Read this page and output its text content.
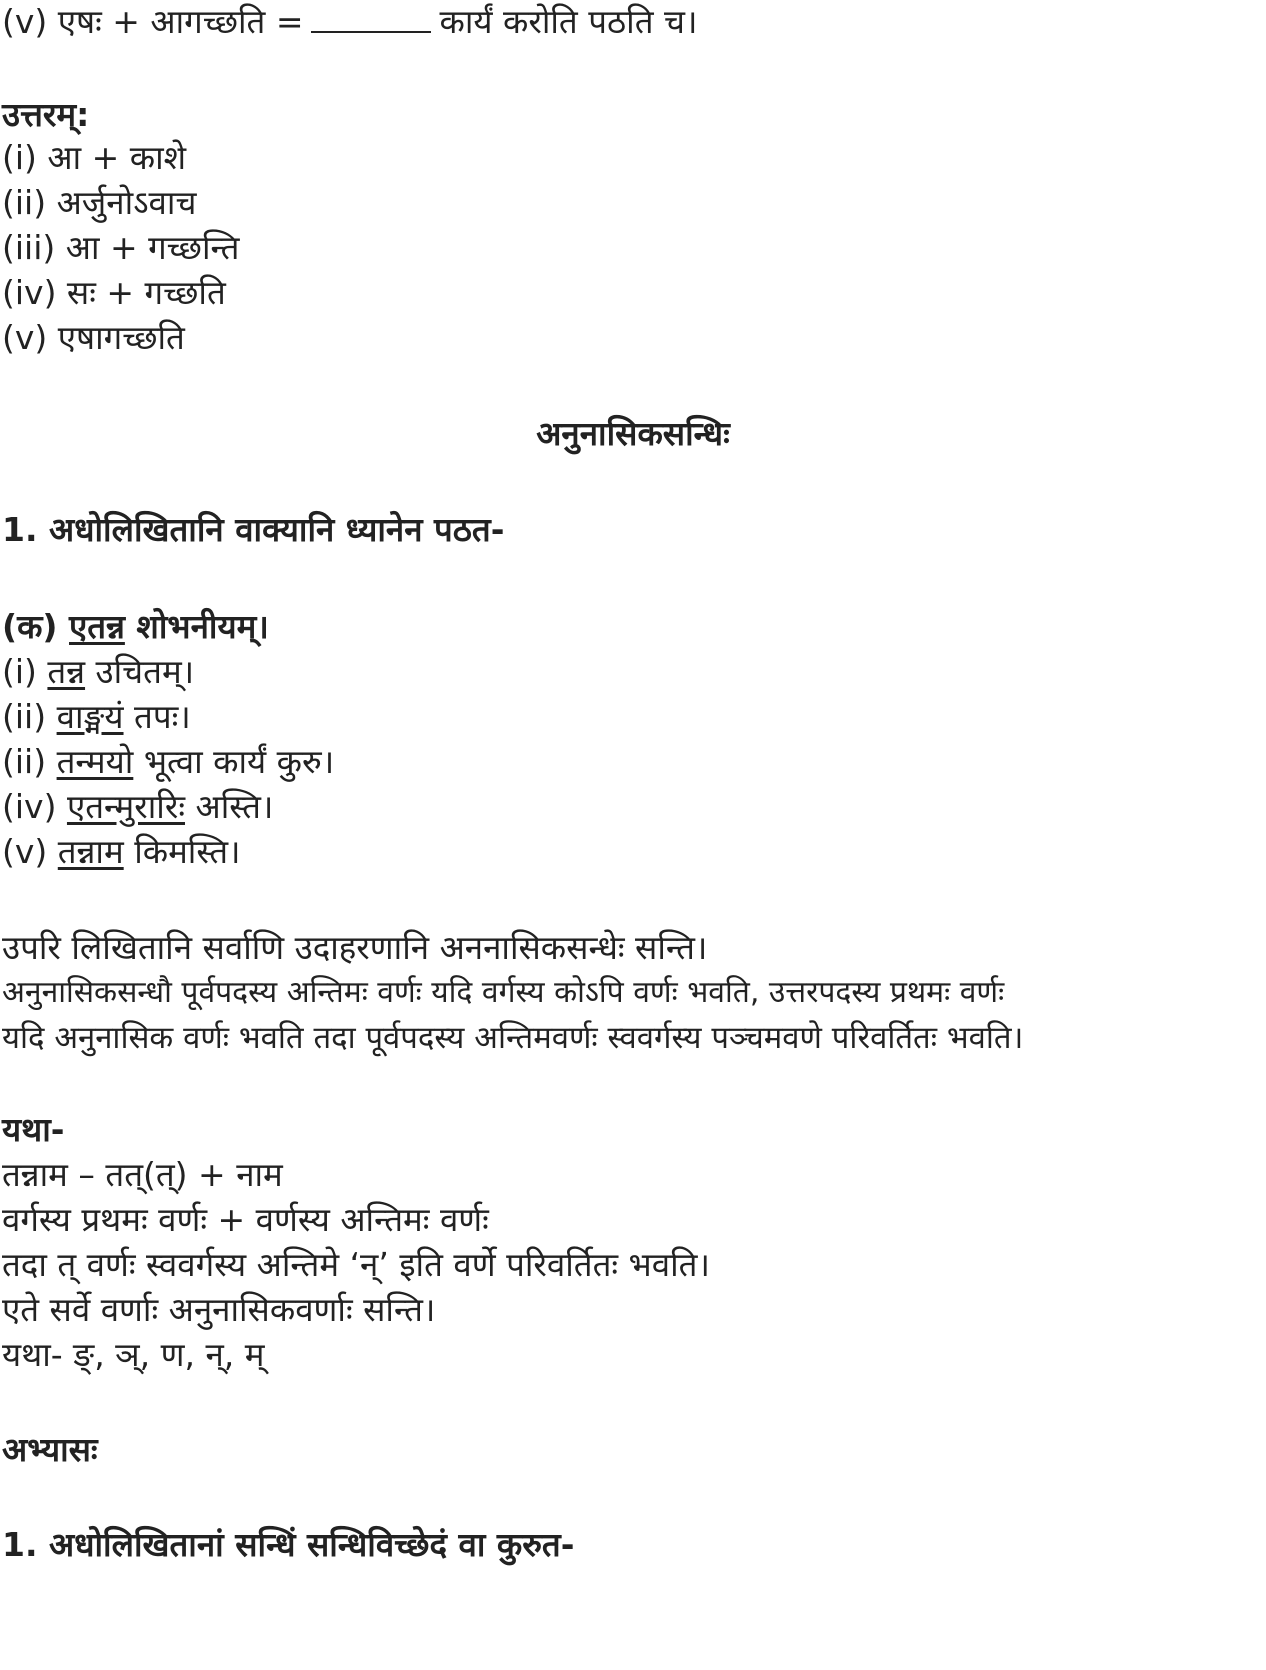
(v) एषः + आगच्छति =	कार्यं करोति पठति च।
उत्तरम्:
(i) आ + काशे
(ii) अर्जुनोऽवाच
(iii) आ + गच्छन्ति
(iv) सः + गच्छति
(v) एषागच्छति
अनुनासिकसन्धिः
1. अधोलिखितानि वाक्यानि ध्यानेन पठत-
(क) एतन्न शोभनीयम्।
(i) तन्न उचितम्।
(ii) वाङ्मयं तपः।
(ii) तन्मयो भूत्वा कार्यं कुरु।
(iv) एतन्मुरारिः अस्ति।
(v) तन्नाम किमस्ति।
उपरि लिखितानि सर्वाणि उदाहरणानि अननासिकसन्धेः सन्ति।
अनुनासिकसन्धौ पूर्वपदस्य अन्तिमः वर्णः यदि वर्गस्य कोऽपि वर्णः भवति, उत्तरपदस्य प्रथमः वर्णः
यदि अनुनासिक वर्णः भवति तदा पूर्वपदस्य अन्तिमवर्णः स्ववर्गस्य पञ्चमवणे परिवर्तितः भवति।
यथा-
तन्नाम – तत्(त्) + नाम
वर्गस्य प्रथमः वर्णः + वर्णस्य अन्तिमः वर्णः
तदा त् वर्णः स्ववर्गस्य अन्तिमे ‘न्’ इति वर्णे परिवर्तितः भवति।
एते सर्वे वर्णाः अनुनासिकवर्णाः सन्ति।
यथा- ङ्, ञ्, ण, न्, म्
अभ्यासः
1. अधोलिखितानां सन्धिं सन्धिविच्छेदं वा कुरुत-
